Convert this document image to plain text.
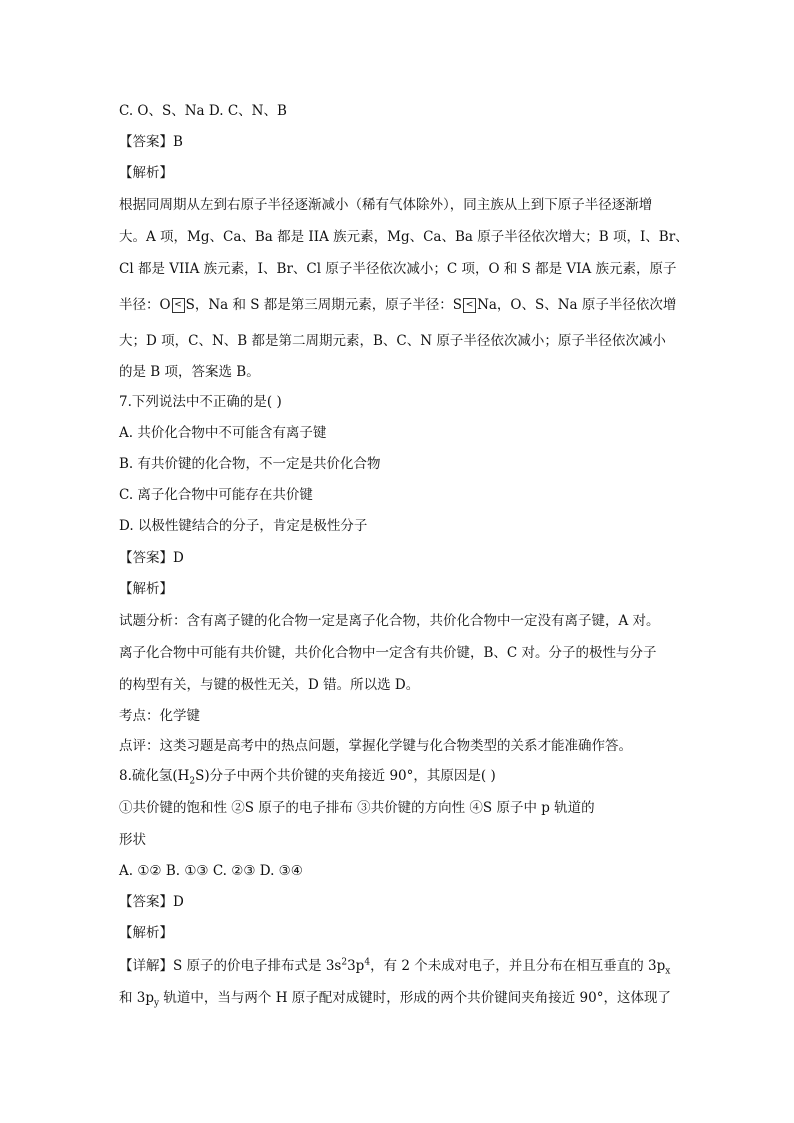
C. O、S、Na D. C、N、B
【答案】B
【解析】
根据同周期从左到右原子半径逐渐减小（稀有气体除外），同主族从上到下原子半径逐渐增
大。A 项，Mg、Ca、Ba 都是 IIA 族元素，Mg、Ca、Ba 原子半径依次增大；B 项，I、Br、
Cl 都是 VIIA 族元素，I、Br、Cl 原子半径依次减小；C 项，O 和 S 都是 VIA 族元素，原子
半径：O < S，Na 和 S 都是第三周期元素，原子半径：S < Na，O、S、Na 原子半径依次增
大；D 项，C、N、B 都是第二周期元素，B、C、N 原子半径依次减小；原子半径依次减小
的是 B 项，答案选 B。
7.下列说法中不正确的是( )
A. 共价化合物中不可能含有离子键
B. 有共价键的化合物，不一定是共价化合物
C. 离子化合物中可能存在共价键
D. 以极性键结合的分子，肯定是极性分子
【答案】D
【解析】
试题分析：含有离子键的化合物一定是离子化合物，共价化合物中一定没有离子键，A 对。
离子化合物中可能有共价键，共价化合物中一定含有共价键，B、C 对。分子的极性与分子
的构型有关，与键的极性无关，D 错。所以选 D。
考点：化学键
点评：这类习题是高考中的热点问题，掌握化学键与化合物类型的关系才能准确作答。
8.硫化氢$(H_2S)$分子中两个共价键的夹角接近 90°，其原因是( )
①共价键的饱和性 ②S 原子的电子排布 ③共价键的方向性 ④S 原子中 p 轨道的
形状
A. ①② B. ①③ C. ②③ D. ③④
【答案】D
【解析】
【详解】S 原子的价电子排布式是 $3s^23p^4$，有 2 个未成对电子，并且分布在相互垂直的 $3p_x$
和 $3p_y$ 轨道中，当与两个 H 原子配对成键时，形成的两个共价键间夹角接近 90°，这体现了
